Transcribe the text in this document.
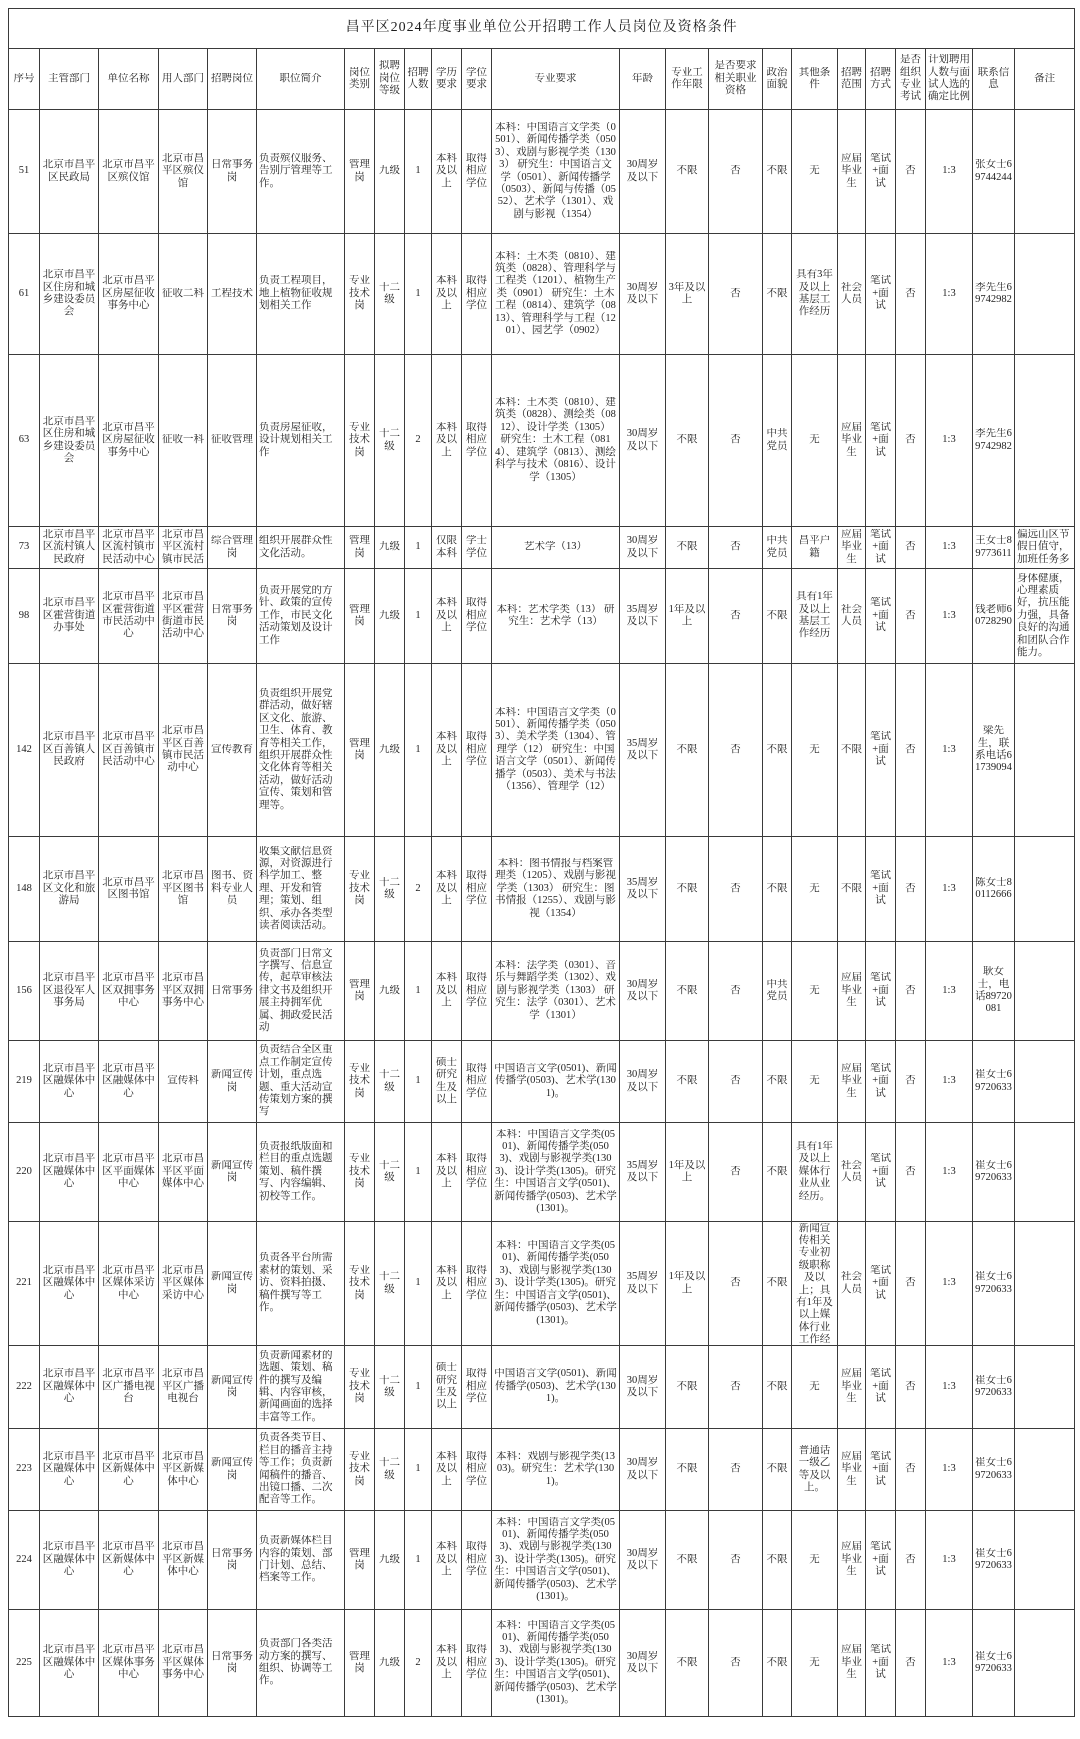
昌平区2024年度事业单位公开招聘工作人员岗位及资格条件																						

序号	主管部门	单位名称	用人部门	招聘岗位	职位简介	岗位类别	拟聘岗位等级	招聘人数	学历要求	学位要求	专业要求	年龄	专业工作年限	是否要求相关职业资格	政治面貌	其他条件	招聘范围	招聘方式	是否组织专业考试	计划聘用人数与面试人选的确定比例	联系信息	备注

51	北京市昌平区民政局	北京市昌平区殡仪馆	北京市昌平区殡仪馆	日常事务岗	负责殡仪服务、告别厅管理等工作。	管理岗	九级	1	本科及以上	取得相应学位	本科：中国语言文学类（0501）、新闻传播学类（0503）、戏剧与影视学类（1303） 研究生：中国语言文学（0501）、新闻传播学（0503）、新闻与传播（0552）、艺术学（1301）、戏剧与影视（1354）	30周岁及以下	不限	否	不限	无	应届毕业生	笔试+面试	否	1:3	张女士69744244	

61	北京市昌平区住房和城乡建设委员会	北京市昌平区房屋征收事务中心	征收二科	工程技术	负责工程项目，地上植物征收规划相关工作	专业技术岗	十二级	1	本科及以上	取得相应学位	本科：土木类（0810）、建筑类（0828）、管理科学与工程类（1201）、植物生产类（0901） 研究生：土木工程（0814）、建筑学（0813）、管理科学与工程（1201）、园艺学（0902）	30周岁及以下	3年及以上	否	不限	具有3年及以上基层工作经历	社会人员	笔试+面试	否	1:3	李先生69742982	

63	北京市昌平区住房和城乡建设委员会	北京市昌平区房屋征收事务中心	征收一科	征收管理	负责房屋征收，设计规划相关工作	专业技术岗	十二级	2	本科及以上	取得相应学位	本科：土木类（0810）、建筑类（0828）、测绘类（0812）、设计学类（1305） 研究生：土木工程（0814）、建筑学（0813）、测绘科学与技术（0816）、设计学（1305）	30周岁及以下	不限	否	中共党员	无	应届毕业生	笔试+面试	否	1:3	李先生69742982	

73	北京市昌平区流村镇人民政府	北京市昌平区流村镇市民活动中心	北京市昌平区流村镇市民活	综合管理岗	组织开展群众性文化活动。	管理岗	九级	1	仅限本科	学士学位	艺术学（13）	30周岁及以下	不限	否	中共党员	昌平户籍	应届毕业生	笔试+面试	否	1:3	王女士89773611	偏远山区节假日值守，加班任务多

98	北京市昌平区霍营街道办事处	北京市昌平区霍营街道市民活动中心	北京市昌平区霍营街道市民活动中心	日常事务岗	负责开展党的方针、政策的宣传工作，市民文化活动策划及设计工作	管理岗	九级	1	本科及以上	取得相应学位	本科：艺术学类（13） 研究生：艺术学（13）	35周岁及以下	1年及以上	否	不限	具有1年及以上基层工作经历	社会人员	笔试+面试	否	1:3	钱老师60728290	身体健康，心理素质好，抗压能力强，具备良好的沟通和团队合作能力。

142	北京市昌平区百善镇人民政府	北京市昌平区百善镇市民活动中心	北京市昌平区百善镇市民活动中心	宣传教育	负责组织开展党群活动，做好辖区文化、旅游、卫生、体育、教育等相关工作，组织开展群众性文化体育等相关活动，做好活动宣传、策划和管理等。	管理岗	九级	1	本科及以上	取得相应学位	本科：中国语言文学类（0501）、新闻传播学类（0503）、美术学类（1304）、管理学（12） 研究生：中国语言文学（0501）、新闻传播学（0503）、美术与书法（1356）、管理学（12）	35周岁及以下	不限	否	不限	无	不限	笔试+面试	否	1:3	梁先生，联系电话61739094	

148	北京市昌平区文化和旅游局	北京市昌平区图书馆	北京市昌平区图书馆	图书、资料专业人员	收集文献信息资源，对资源进行科学加工、整理、开发和管理；策划、组织、承办各类型读者阅读活动。	专业技术岗	十二级	2	本科及以上	取得相应学位	本科：图书情报与档案管理类（1205）、戏剧与影视学类（1303） 研究生：图书情报（1255）、戏剧与影视（1354）	35周岁及以下	不限	否	不限	无	不限	笔试+面试	否	1:3	陈女士80112666	

156	北京市昌平区退役军人事务局	北京市昌平区双拥事务中心	北京市昌平区双拥事务中心	日常事务	负责部门日常文字撰写、信息宣传，起草审核法律文书及组织开展主持拥军优属、拥政爱民活动	管理岗	九级	1	本科及以上	取得相应学位	本科：法学类（0301）、音乐与舞蹈学类（1302）、戏剧与影视学类（1303） 研究生：法学（0301）、艺术学（1301）	30周岁及以下	不限	否	中共党员	无	应届毕业生	笔试+面试	否	1:3	耿女士，电话89720081	

219	北京市昌平区融媒体中心	北京市昌平区融媒体中心	宣传科	新闻宣传岗	负责结合全区重点工作制定宣传计划，重点选题、重大活动宣传策划方案的撰写	专业技术岗	十二级	1	硕士研究生及以上	取得相应学位	中国语言文学(0501)、新闻传播学(0503)、艺术学(1301)。	30周岁及以下	不限	否	不限	无	应届毕业生	笔试+面试	否	1:3	崔女士69720633	

220	北京市昌平区融媒体中心	北京市昌平区平面媒体中心	北京市昌平区平面媒体中心	新闻宣传岗	负责报纸版面和栏目的重点选题策划、稿件撰写、内容编辑、初校等工作。	专业技术岗	十二级	1	本科及以上	取得相应学位	本科：中国语言文学类(0501)、新闻传播学类(0503)、戏剧与影视学类(1303)、设计学类(1305)。研究生：中国语言文学(0501)、新闻传播学(0503)、艺术学(1301)。	35周岁及以下	1年及以上	否	不限	具有1年及以上媒体行业从业经历。	社会人员	笔试+面试	否	1:3	崔女士69720633	

221	北京市昌平区融媒体中心	北京市昌平区媒体采访中心	北京市昌平区媒体采访中心	新闻宣传岗	负责各平台所需素材的策划、采访、资料拍摄、稿件撰写等工作。	专业技术岗	十二级	1	本科及以上	取得相应学位	本科：中国语言文学类(0501)、新闻传播学类(0503)、戏剧与影视学类(1303)、设计学类(1305)。研究生：中国语言文学(0501)、新闻传播学(0503)、艺术学(1301)。	35周岁及以下	1年及以上	否	不限	新闻宣传相关专业初级职称及以上；具有1年及以上媒体行业工作经	社会人员	笔试+面试	否	1:3	崔女士69720633	

222	北京市昌平区融媒体中心	北京市昌平区广播电视台	北京市昌平区广播电视台	新闻宣传岗	负责新闻素材的选题、策划、稿件的撰写及编辑、内容审核，新闻画面的选择丰富等工作。	专业技术岗	十二级	1	硕士研究生及以上	取得相应学位	中国语言文学(0501)、新闻传播学(0503)、艺术学(1301)。	30周岁及以下	不限	否	不限	无	应届毕业生	笔试+面试	否	1:3	崔女士69720633	

223	北京市昌平区融媒体中心	北京市昌平区新媒体中心	北京市昌平区新媒体中心	新闻宣传岗	负责各类节目、栏目的播音主持等工作；负责新闻稿件的播音、出镜口播、二次配音等工作。	专业技术岗	十二级	1	本科及以上	取得相应学位	本科：戏剧与影视学类(1303)。研究生：艺术学(1301)。	30周岁及以下	不限	否	不限	普通话一级乙等及以上。	应届毕业生	笔试+面试	否	1:3	崔女士69720633	

224	北京市昌平区融媒体中心	北京市昌平区新媒体中心	北京市昌平区新媒体中心	日常事务岗	负责新媒体栏目内容的策划、部门计划、总结、档案等工作。	管理岗	九级	1	本科及以上	取得相应学位	本科：中国语言文学类(0501)、新闻传播学类(0503)、戏剧与影视学类(1303)、设计学类(1305)。研究生：中国语言文学(0501)、新闻传播学(0503)、艺术学(1301)。	30周岁及以下	不限	否	不限	无	应届毕业生	笔试+面试	否	1:3	崔女士69720633	

225	北京市昌平区融媒体中心	北京市昌平区媒体事务中心	北京市昌平区媒体事务中心	日常事务岗	负责部门各类活动方案的撰写、组织、协调等工作。	管理岗	九级	2	本科及以上	取得相应学位	本科：中国语言文学类(0501)、新闻传播学类(0503)、戏剧与影视学类(1303)、设计学类(1305)。研究生：中国语言文学(0501)、新闻传播学(0503)、艺术学(1301)。	30周岁及以下	不限	否	不限	无	应届毕业生	笔试+面试	否	1:3	崔女士69720633	
